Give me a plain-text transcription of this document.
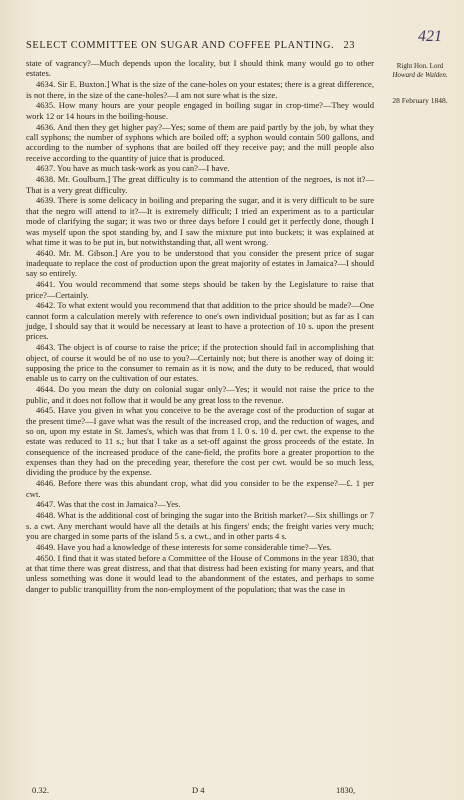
SELECT COMMITTEE ON SUGAR AND COFFEE PLANTING. 23
421
Right Hon. Lord
Howard de Walden.
28 February 1848.

state of vagrancy?—Much depends upon the locality, but I should think many would go to other estates.

4634. Sir E. Buxton.] What is the size of the cane-holes on your estates; there is a great difference, is not there, in the size of the cane-holes?—I am not sure what is the size.

4635. How many hours are your people engaged in boiling sugar in crop-time?—They would work 12 or 14 hours in the boiling-house.

4636. And then they get higher pay?—Yes; some of them are paid partly by the job, by what they call syphons; the number of syphons which are boiled off; a syphon would contain 500 gallons, and according to the number of syphons that are boiled off they receive pay; and the mill people also receive according to the quantity of juice that is produced.

4637. You have as much task-work as you can?—I have.

4638. Mr. Goulburn.] The great difficulty is to command the attention of the negroes, is not it?—That is a very great difficulty.

4639. There is some delicacy in boiling and preparing the sugar, and it is very difficult to be sure that the negro will attend to it?—It is extremely difficult; I tried an experiment as to a particular mode of clarifying the sugar; it was two or three days before I could get it perfectly done, though I was myself upon the spot standing by, and I saw the mixture put into buckets; it was explained at what time it was to be put in, but notwithstanding that, all went wrong.

4640. Mr. M. Gibson.] Are you to be understood that you consider the present price of sugar inadequate to replace the cost of production upon the great majority of estates in Jamaica?—I should say so entirely.

4641. You would recommend that some steps should be taken by the Legislature to raise that price?—Certainly.

4642. To what extent would you recommend that that addition to the price should be made?—One cannot form a calculation merely with reference to one's own individual position; but as far as I can judge, I should say that it would be necessary at least to have a protection of 10 s. upon the present prices.

4643. The object is of course to raise the price; if the protection should fail in accomplishing that object, of course it would be of no use to you?—Certainly not; but there is another way of doing it: supposing the price to the consumer to remain as it is now, and the duty to be reduced, that would enable us to carry on the cultivation of our estates.

4644. Do you mean the duty on colonial sugar only?—Yes; it would not raise the price to the public, and it does not follow that it would be any great loss to the revenue.

4645. Have you given in what you conceive to be the average cost of the production of sugar at the present time?—I gave what was the result of the increased crop, and the reduction of wages, and so on, upon my estate in St. James's, which was that from 1 l. 0 s. 10 d. per cwt. the expense to the estate was reduced to 11 s.; but that I take as a set-off against the gross proceeds of the estate. In consequence of the increased produce of the cane-field, the profits bore a greater proportion to the expenses than they had on the preceding year, therefore the cost per cwt. would be so much less, dividing the produce by the expense.

4646. Before there was this abundant crop, what did you consider to be the expense?—£. 1 per cwt.

4647. Was that the cost in Jamaica?—Yes.

4648. What is the additional cost of bringing the sugar into the British market?—Six shillings or 7 s. a cwt. Any merchant would have all the details at his fingers' ends; the freight varies very much; you are charged in some parts of the island 5 s. a cwt., and in other parts 4 s.

4649. Have you had a knowledge of these interests for some considerable time?—Yes.

4650. I find that it was stated before a Committee of the House of Commons in the year 1830, that at that time there was great distress, and that that distress had been existing for many years, and that unless something was done it would lead to the abandonment of the estates, and perhaps to some danger to public tranquillity from the non-employment of the population; that was the case in

0.32.	D 4	1830,
